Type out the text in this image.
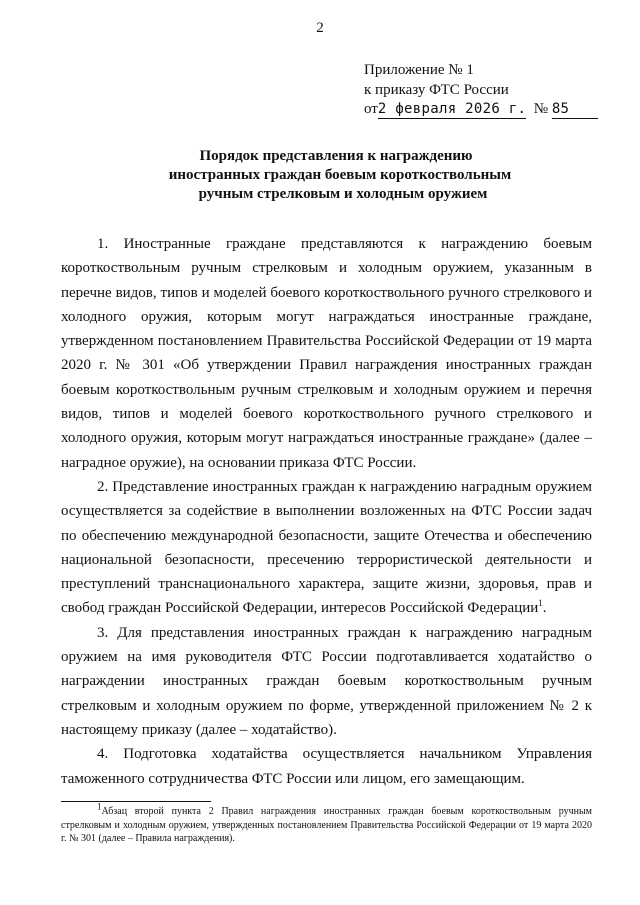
2
Приложение № 1
к приказу ФТС России
от2 февраля 2026 г. № 85
Порядок представления к награждению
иностранных граждан боевым короткоствольным
ручным стрелковым и холодным оружием

1. Иностранные граждане представляются к награждению боевым короткоствольным ручным стрелковым и холодным оружием, указанным в перечне видов, типов и моделей боевого короткоствольного ручного стрелкового и холодного оружия, которым могут награждаться иностранные граждане, утвержденном постановлением Правительства Российской Федерации от 19 марта 2020 г. № 301 «Об утверждении Правил награждения иностранных граждан боевым короткоствольным ручным стрелковым и холодным оружием и перечня видов, типов и моделей боевого короткоствольного ручного стрелкового и холодного оружия, которым могут награждаться иностранные граждане» (далее – наградное оружие), на основании приказа ФТС России.

2. Представление иностранных граждан к награждению наградным оружием осуществляется за содействие в выполнении возложенных на ФТС России задач по обеспечению международной безопасности, защите Отечества и обеспечению национальной безопасности, пресечению террористической деятельности и преступлений транснационального характера, защите жизни, здоровья, прав и свобод граждан Российской Федерации, интересов Российской Федерации$^1$.

3. Для представления иностранных граждан к награждению наградным оружием на имя руководителя ФТС России подготавливается ходатайство о награждении иностранных граждан боевым короткоствольным ручным стрелковым и холодным оружием по форме, утвержденной приложением № 2 к настоящему приказу (далее – ходатайство).

4. Подготовка ходатайства осуществляется начальником Управления таможенного сотрудничества ФТС России или лицом, его замещающим.

$^1$Абзац второй пункта 2 Правил награждения иностранных граждан боевым короткоствольным ручным стрелковым и холодным оружием, утвержденных постановлением Правительства Российской Федерации от 19 марта 2020 г. № 301 (далее – Правила награждения).
